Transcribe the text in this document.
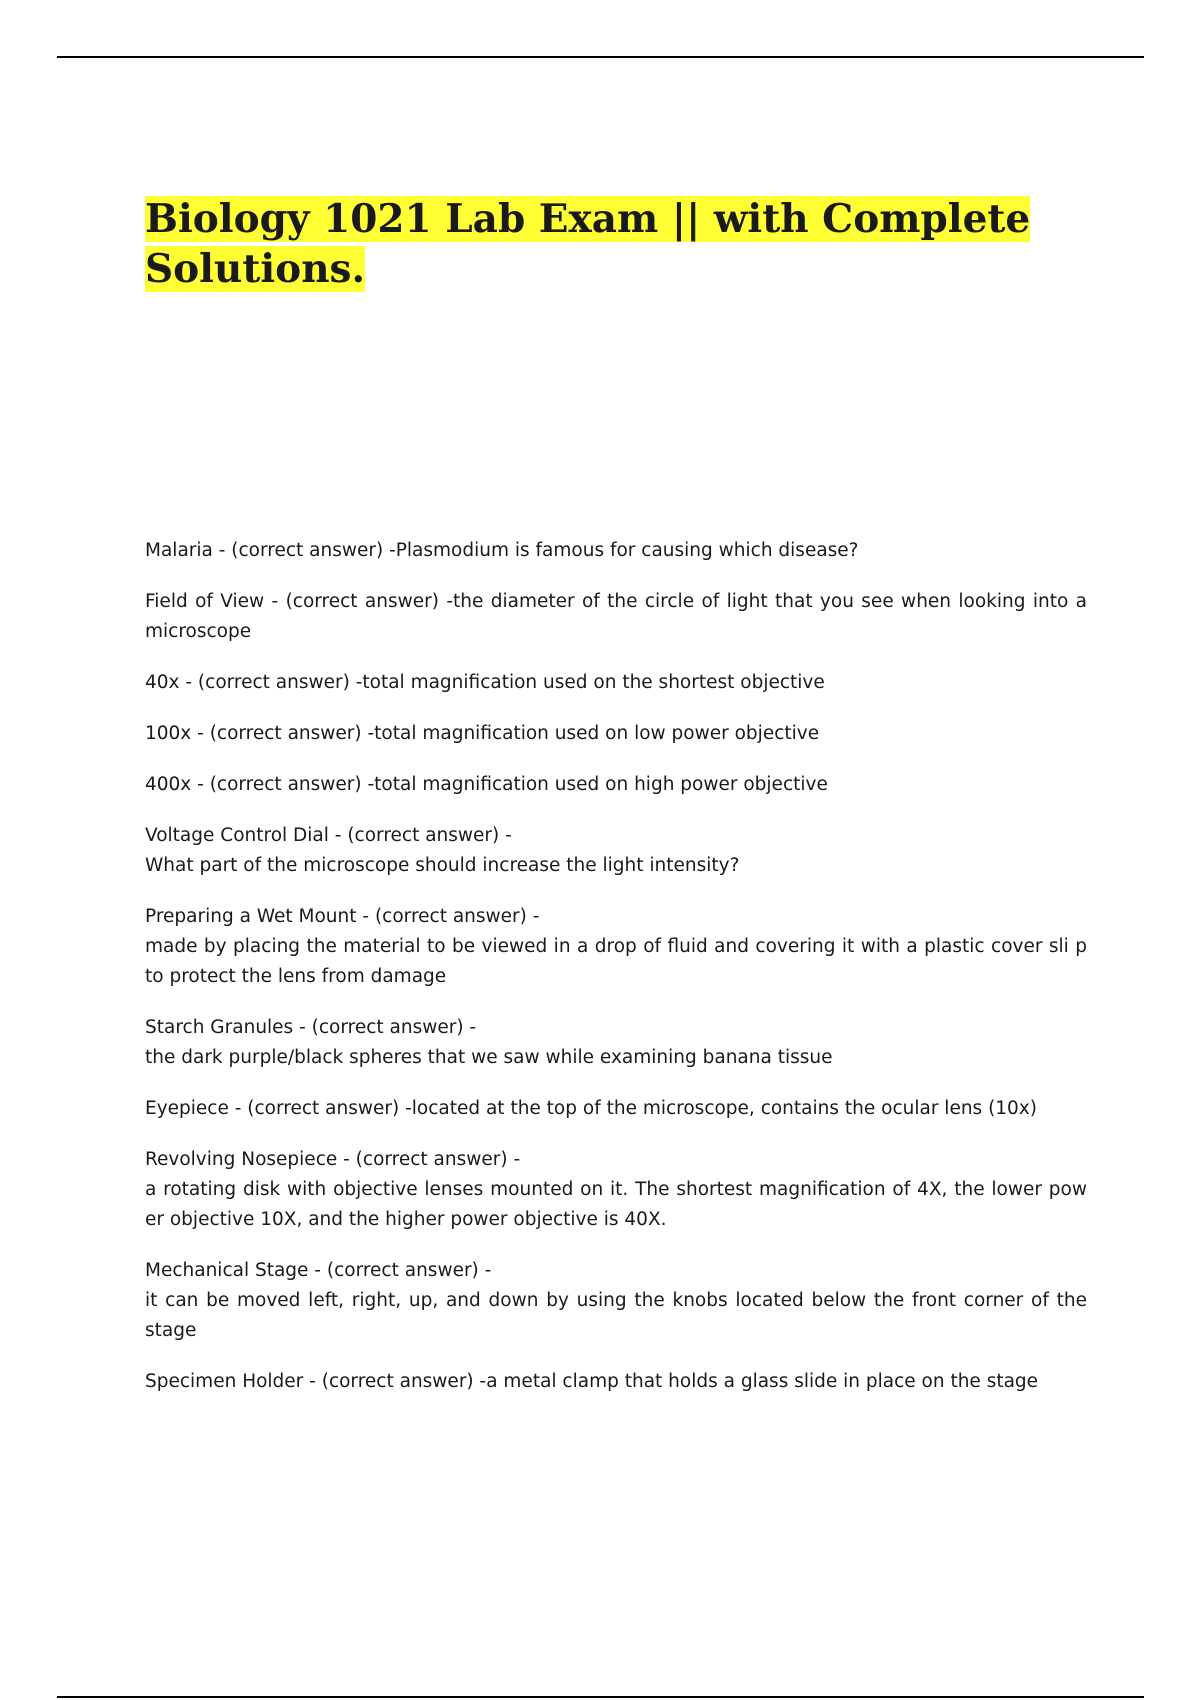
Biology 1021 Lab Exam || with Complete Solutions.

Malaria - (correct answer) -Plasmodium is famous for causing which disease?

Field of View - (correct answer) -the diameter of the circle of light that you see when looking into a microscope

40x - (correct answer) -total magnification used on the shortest objective

100x - (correct answer) -total magnification used on low power objective

400x - (correct answer) -total magnification used on high power objective

Voltage Control Dial - (correct answer) -
What part of the microscope should increase the light intensity?

Preparing a Wet Mount - (correct answer) -
made by placing the material to be viewed in a drop of fluid and covering it with a plastic cover sli p to protect the lens from damage

Starch Granules - (correct answer) -
the dark purple/black spheres that we saw while examining banana tissue

Eyepiece - (correct answer) -located at the top of the microscope, contains the ocular lens (10x)

Revolving Nosepiece - (correct answer) -
a rotating disk with objective lenses mounted on it. The shortest magnification of 4X, the lower pow er objective 10X, and the higher power objective is 40X.

Mechanical Stage - (correct answer) -
it can be moved left, right, up, and down by using the knobs located below the front corner of the stage

Specimen Holder - (correct answer) -a metal clamp that holds a glass slide in place on the stage
